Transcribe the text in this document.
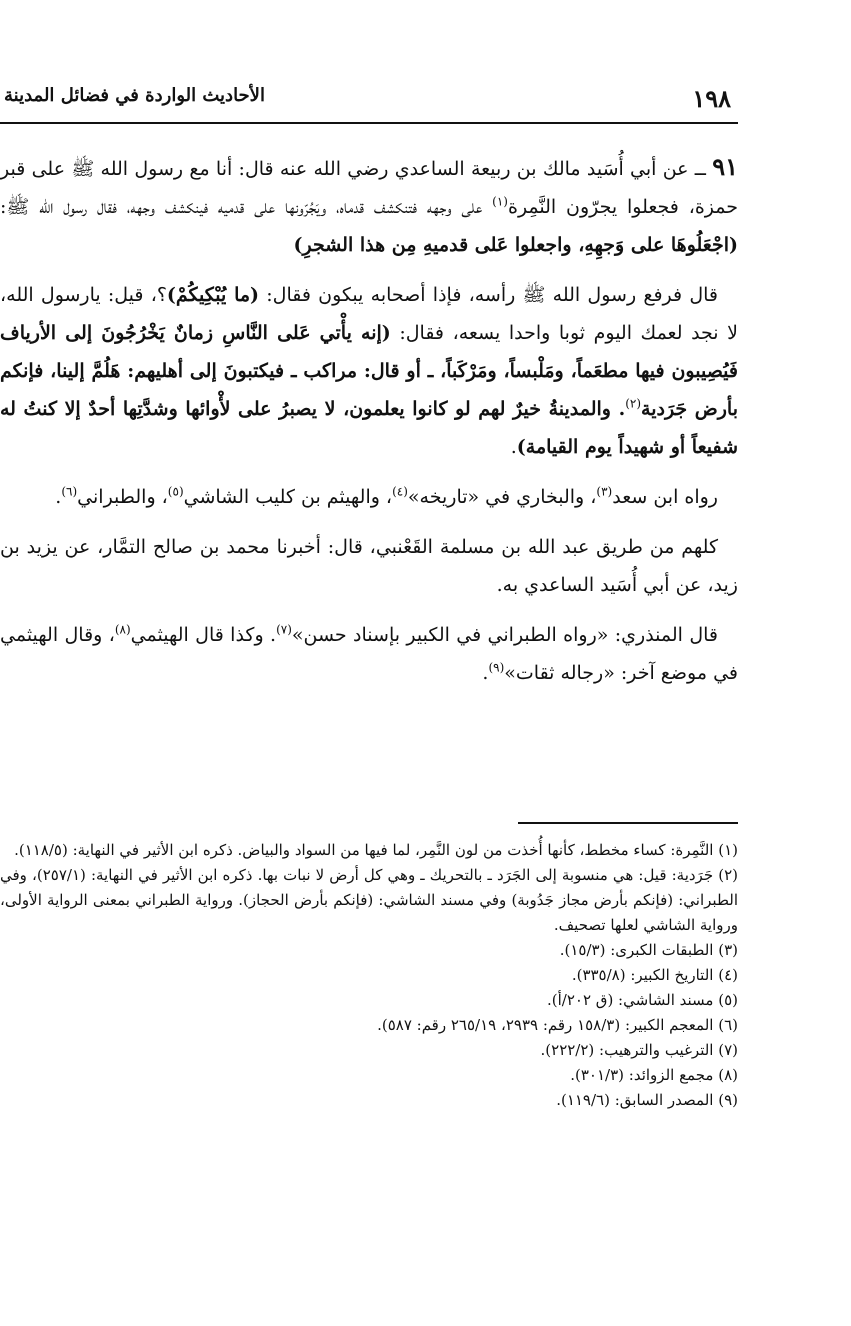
١٩٨
الأحاديث الواردة في فضائل المدينة

٩١ ــ عن أبي أُسَيد مالك بن ربيعة الساعدي رضي الله عنه قال: أنا مع رسول الله ﷺ على قبر حمزة، فجعلوا يجرّون النَّمِرة$^{(١)}$ على وجهه فتنكشف قدماه، ويَجُرّونها على قدميه فينكشف وجهه، فقال رسول الله ﷺ: (اجْعَلُوهَا على وَجهِهِ، واجعلوا عَلى قدميهِ مِن هذا الشجرِ)

قال فرفع رسول الله ﷺ رأسه، فإذا أصحابه يبكون فقال: (ما يُبْكِيكُمْ)؟، قيل: يارسول الله، لا نجد لعمك اليوم ثوبا واحدا يسعه، فقال: (إنه يأْتي عَلى النَّاسِ زمانٌ يَخْرُجُونَ إلى الأرياف فَيُصِيبون فيها مطعَماً، ومَلْبساً، ومَرْكَباً، ـ أو قال: مراكب ـ فيكتبونَ إلى أهليهم: هَلُمَّ إلينا، فإنكم بأرض جَرَدية$^{(٢)}$. والمدينةُ خيرٌ لهم لو كانوا يعلمون، لا يصبرُ على لأْوائها وشدَّتِها أحدٌ إلا كنتُ له شفيعاً أو شهيداً يوم القيامة).

رواه ابن سعد$^{(٣)}$، والبخاري في «تاريخه»$^{(٤)}$، والهيثم بن كليب الشاشي$^{(٥)}$، والطبراني$^{(٦)}$.

كلهم من طريق عبد الله بن مسلمة القَعْنبي، قال: أخبرنا محمد بن صالح التمَّار، عن يزيد بن زيد، عن أبي أُسَيد الساعدي به.

قال المنذري: «رواه الطبراني في الكبير بإسناد حسن»$^{(٧)}$. وكذا قال الهيثمي$^{(٨)}$، وقال الهيثمي في موضع آخر: «رجاله ثقات»$^{(٩)}$.

(١) النَّمِرة: كساء مخطط، كأنها أُخذت من لون النَّمِر، لما فيها من السواد والبياض. ذكره ابن الأثير في النهاية: (١١٨/٥).
(٢) جَرَدية: قيل: هي منسوبة إلى الجَرَد ـ بالتحريك ـ وهي كل أرض لا نبات بها. ذكره ابن الأثير في النهاية: (٢٥٧/١)، وفي الطبراني: (فإنكم بأرض مجاز جَدُوبة) وفي مسند الشاشي: (فإنكم بأرض الحجاز). ورواية الطبراني بمعنى الرواية الأولى، ورواية الشاشي لعلها تصحيف.
(٣) الطبقات الكبرى: (١٥/٣).
(٤) التاريخ الكبير: (٣٣٥/٨).
(٥) مسند الشاشي: (ق ٢٠٢/أ).
(٦) المعجم الكبير: (١٥٨/٣ رقم: ٢٩٣٩، ٢٦٥/١٩ رقم: ٥٨٧).
(٧) الترغيب والترهيب: (٢٢٢/٢).
(٨) مجمع الزوائد: (٣٠١/٣).
(٩) المصدر السابق: (١١٩/٦).
